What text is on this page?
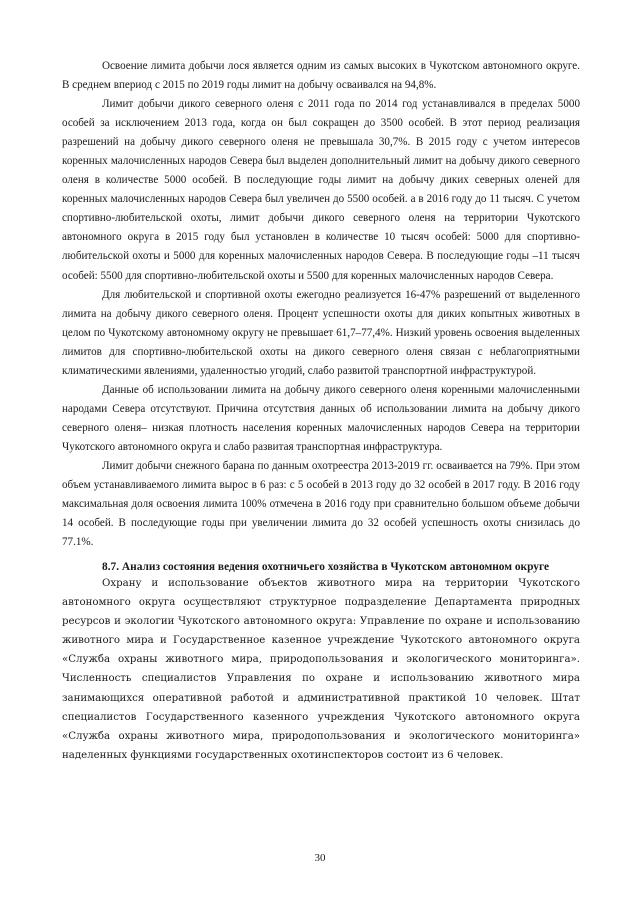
Освоение лимита добычи лося является одним из самых высоких в Чукотском автономного округе. В среднем впериод с 2015 по 2019 годы лимит на добычу осваивался на 94,8%.

Лимит добычи дикого северного оленя с 2011 года по 2014 год устанавливался в пределах 5000 особей за исключением 2013 года, когда он был сокращен до 3500 особей. В этот период реализация разрешений на добычу дикого северного оленя не превышала 30,7%. В 2015 году с учетом интересов коренных малочисленных народов Севера был выделен дополнительный лимит на добычу дикого северного оленя в количестве 5000 особей. В последующие годы лимит на добычу диких северных оленей для коренных малочисленных народов Севера был увеличен до 5500 особей. а в 2016 году до 11 тысяч. С учетом спортивно-любительской охоты, лимит добычи дикого северного оленя на территории Чукотского автономного округа в 2015 году был установлен в количестве 10 тысяч особей: 5000 для спортивно-любительской охоты и 5000 для коренных малочисленных народов Севера. В последующие годы –11 тысяч особей: 5500 для спортивно-любительской охоты и 5500 для коренных малочисленных народов Севера.

Для любительской и спортивной охоты ежегодно реализуется 16-47% разрешений от выделенного лимита на добычу дикого северного оленя. Процент успешности охоты для диких копытных животных в целом по Чукотскому автономному округу не превышает 61,7–77,4%. Низкий уровень освоения выделенных лимитов для спортивно-любительской охоты на дикого северного оленя связан с неблагоприятными климатическими явлениями, удаленностью угодий, слабо развитой транспортной инфраструктурой.

Данные об использовании лимита на добычу дикого северного оленя коренными малочисленными народами Севера отсутствуют. Причина отсутствия данных об использовании лимита на добычу дикого северного оленя– низкая плотность населения коренных малочисленных народов Севера на территории Чукотского автономного округа и слабо развитая транспортная инфраструктура.

Лимит добычи снежного барана по данным охотреестра 2013-2019 гг. осваивается на 79%. При этом объем устанавливаемого лимита вырос в 6 раз: с 5 особей в 2013 году до 32 особей в 2017 году. В 2016 году максимальная доля освоения лимита 100% отмечена в 2016 году при сравнительно большом объеме добычи 14 особей. В последующие годы при увеличении лимита до 32 особей успешность охоты снизилась до 77.1%.

8.7. Анализ состояния ведения охотничьего хозяйства в Чукотском автономном округе

Охрану и использование объектов животного мира на территории Чукотского автономного округа осуществляют структурное подразделение Департамента природных ресурсов и экологии Чукотского автономного округа: Управление по охране и использованию животного мира и Государственное казенное учреждение Чукотского автономного округа «Служба охраны животного мира, природопользования и экологического мониторинга». Численность специалистов Управления по охране и использованию животного мира занимающихся оперативной работой и административной практикой 10 человек. Штат специалистов Государственного казенного учреждения Чукотского автономного округа «Служба охраны животного мира, природопользования и экологического мониторинга» наделенных функциями государственных охотинспекторов состоит из 6 человек.

30
